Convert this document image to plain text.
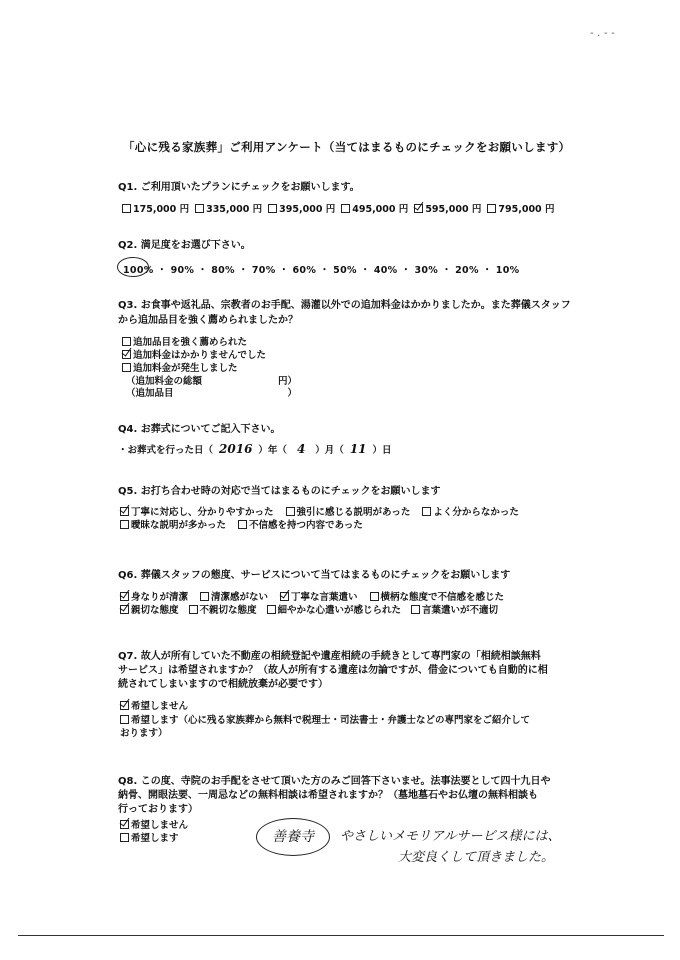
- . - -
「心に残る家族葬」ご利用アンケート（当てはまるものにチェックをお願いします）
Q1. ご利用頂いたプランにチェックをお願いします。
175,000 円 335,000 円 395,000 円 495,000 円 595,000 円 795,000 円
Q2. 満足度をお選び下さい。
100% ・ 90% ・ 80% ・ 70% ・ 60% ・ 50% ・ 40% ・ 30% ・ 20% ・ 10%
Q3. お食事や返礼品、宗教者のお手配、湯灌以外での追加料金はかかりましたか。また葬儀スタッフ
から追加品目を強く薦められましたか？
追加品目を強く薦められた
追加料金はかかりませんでした
追加料金が発生しました
（追加料金の総額　　　　　　　　円）
（追加品目　　　　　　　　　　　　）
Q4. お葬式についてご記入下さい。
・お葬式を行った日（ 2016 ）年（ 4 ）月（ 11 ）日
Q5. お打ち合わせ時の対応で当てはまるものにチェックをお願いします
丁寧に対応し、分かりやすかった 強引に感じる説明があった よく分からなかった
曖昧な説明が多かった 不信感を持つ内容であった
Q6. 葬儀スタッフの態度、サービスについて当てはまるものにチェックをお願いします
身なりが清潔 清潔感がない 丁寧な言葉遣い 横柄な態度で不信感を感じた
親切な態度 不親切な態度 細やかな心遣いが感じられた 言葉遣いが不適切
Q7. 故人が所有していた不動産の相続登記や遺産相続の手続きとして専門家の「相続相談無料
サービス」は希望されますか？（故人が所有する遺産は勿論ですが、借金についても自動的に相
続されてしまいますので相続放棄が必要です）
希望しません
希望します（心に残る家族葬から無料で税理士・司法書士・弁護士などの専門家をご紹介して
おります）
Q8. この度、寺院のお手配をさせて頂いた方のみご回答下さいませ。法事法要として四十九日や
納骨、開眼法要、一周忌などの無料相談は希望されますか？（墓地墓石やお仏壇の無料相談も
行っております）
希望しません
希望します	善養寺	やさしいメモリアルサービス様には、
大変良くして頂きました。
